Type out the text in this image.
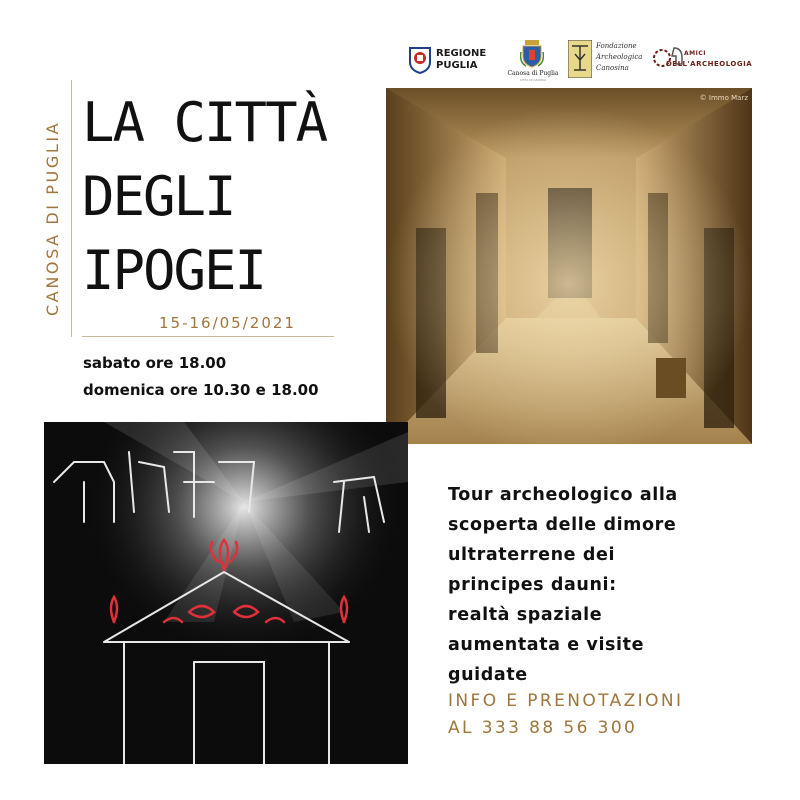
REGIONE
PUGLIA
Canosa di Puglia
CITTÀ DI CANOSA
Fondazione
Archeologica
Canosina
AMICI
DELL'ARCHEOLOGIA
CANOSA DI PUGLIA LA CITTÀ
DEGLI
IPOGEI
15-16/05/2021
sabato ore 18.00
domenica ore 10.30 e 18.00
© Immo Marz
Tour archeologico alla
scoperta delle dimore
ultraterrene dei
principes dauni:
realtà spaziale
aumentata e visite
guidate
INFO E PRENOTAZIONI
AL 333 88 56 300
